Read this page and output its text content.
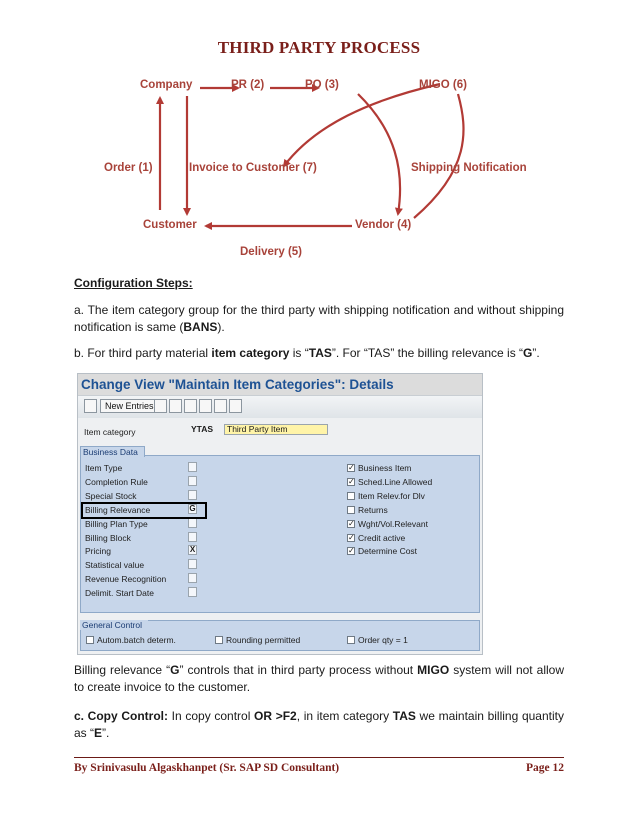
THIRD PARTY PROCESS
Company	PR (2)	PO (3)	MIGO (6)
Order (1)	Invoice to Customer (7)	Shipping Notification
Customer	Vendor (4)
Delivery (5)
Configuration Steps:
a. The item category group for the third party with shipping notification and without shipping notification is same (BANS).
b. For third party material item category is “TAS”. For “TAS” the billing relevance is “G”.
Change View "Maintain Item Categories": Details
New Entries
Item category	YTAS	Third Party Item
Business Data
Item Type
Completion Rule
Special Stock
Billing Relevance	G
Billing Plan Type
Billing Block
Pricing	X
Statistical value
Revenue Recognition
Delimit. Start Date
✓ Business Item
✓ Sched.Line Allowed
Item Relev.for Dlv
Returns
✓ Wght/Vol.Relevant
✓ Credit active
✓ Determine Cost
General Control
Autom.batch determ.	Rounding permitted	Order qty = 1
Billing relevance “G” controls that in third party process without MIGO system will not allow to create invoice to the customer.
c. Copy Control: In copy control OR >F2, in item category TAS we maintain billing quantity as “E”.
By Srinivasulu Algaskhanpet (Sr. SAP SD Consultant)	Page 12
